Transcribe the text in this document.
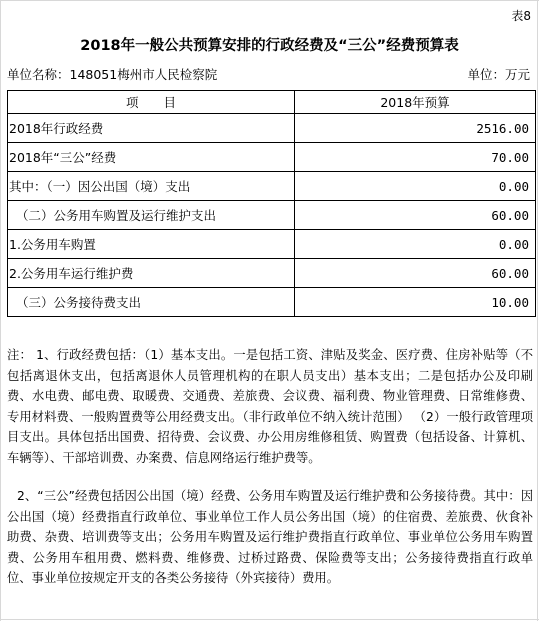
表8
2018年一般公共预算安排的行政经费及“三公”经费预算表
单位名称：148051梅州市人民检察院	单位：万元
项　　目	2018年预算
2018年行政经费	2516.00
2018年“三公”经费	70.00
其中：（一）因公出国（境）支出	0.00
（二）公务用车购置及运行维护支出	60.00
1.公务用车购置	0.00
2.公务用车运行维护费	60.00
（三）公务接待费支出	10.00

注： 1、行政经费包括：（1）基本支出。一是包括工资、津贴及奖金、医疗费、住房补贴等（不包括离退休支出，包括离退休人员管理机构的在职人员支出）基本支出；二是包括办公及印刷费、水电费、邮电费、取暖费、交通费、差旅费、会议费、福利费、物业管理费、日常维修费、专用材料费、一般购置费等公用经费支出。（非行政单位不纳入统计范围） （2）一般行政管理项目支出。具体包括出国费、招待费、会议费、办公用房维修租赁、购置费（包括设备、计算机、车辆等）、干部培训费、办案费、信息网络运行维护费等。

2、“三公”经费包括因公出国（境）经费、公务用车购置及运行维护费和公务接待费。其中：因公出国（境）经费指直行政单位、事业单位工作人员公务出国（境）的住宿费、差旅费、伙食补助费、杂费、培训费等支出；公务用车购置及运行维护费指直行政单位、事业单位公务用车购置费、公务用车租用费、燃料费、维修费、过桥过路费、保险费等支出；公务接待费指直行政单位、事业单位按规定开支的各类公务接待（外宾接待）费用。
